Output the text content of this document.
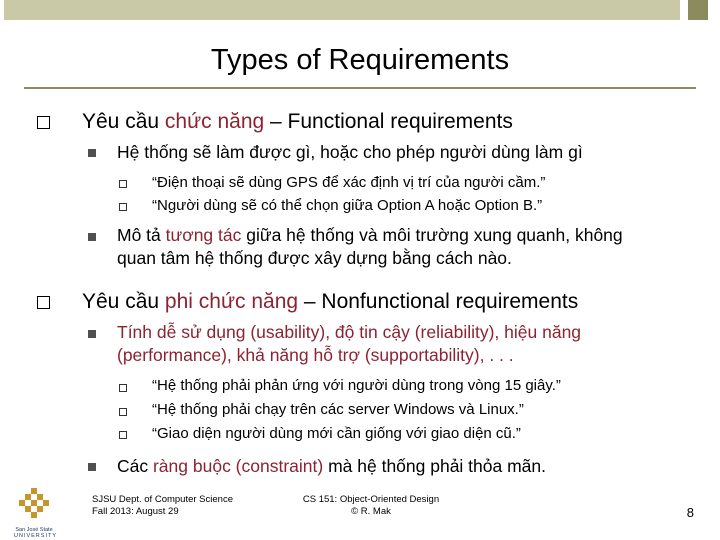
Types of Requirements
Yêu cầu chức năng – Functional requirements
Hệ thống sẽ làm được gì, hoặc cho phép người dùng làm gì
“Điện thoại sẽ dùng GPS để xác định vị trí của người cầm.”
“Người dùng sẽ có thể chọn giữa Option A hoặc Option B.”
Mô tả tương tác giữa hệ thống và môi trường xung quanh, không quan tâm hệ thống được xây dựng bằng cách nào.
Yêu cầu phi chức năng – Nonfunctional requirements
Tính dễ sử dụng (usability), độ tin cậy (reliability), hiệu năng (performance), khả năng hỗ trợ (supportability), . . .
“Hệ thống phải phản ứng với người dùng trong vòng 15 giây.”
“Hệ thống phải chạy trên các server Windows và Linux.”
“Giao diện người dùng mới cần giống với giao diện cũ.”
Các ràng buộc (constraint) mà hệ thống phải thỏa mãn.
San José State
UNIVERSITY
SJSU Dept. of Computer Science
Fall 2013: August 29
CS 151: Object-Oriented Design
© R. Mak	8
